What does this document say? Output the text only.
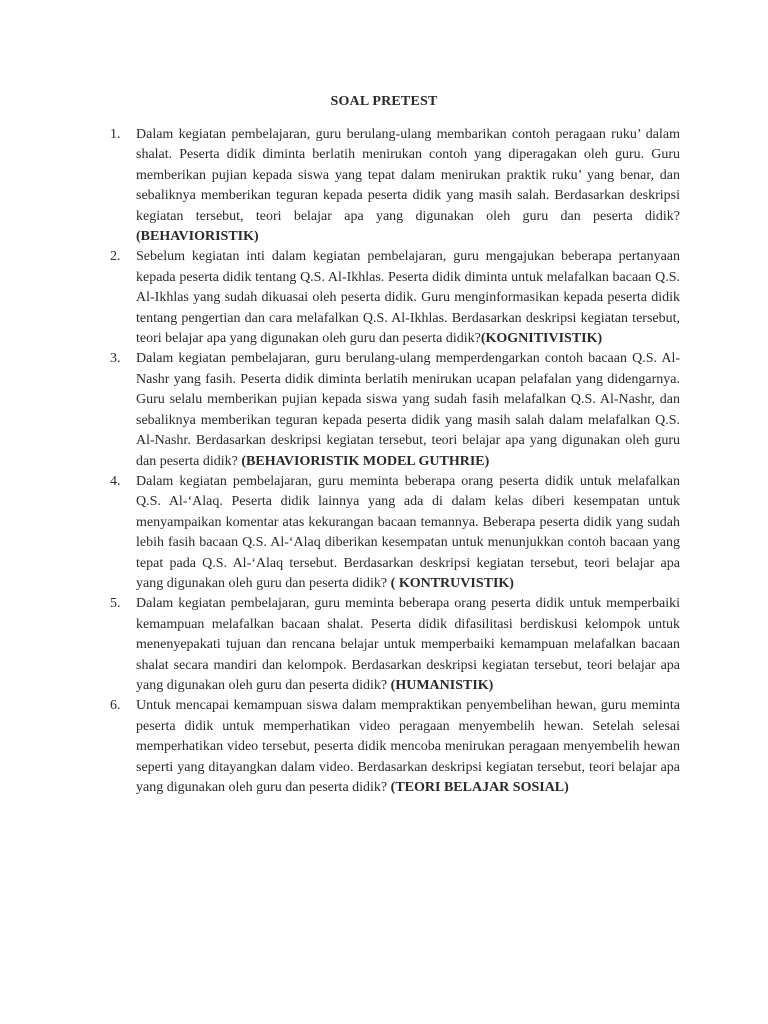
SOAL PRETEST
1. Dalam kegiatan pembelajaran, guru berulang-ulang membarikan contoh peragaan ruku’ dalam shalat. Peserta didik diminta berlatih menirukan contoh yang diperagakan oleh guru. Guru memberikan pujian kepada siswa yang tepat dalam menirukan praktik ruku’ yang benar, dan sebaliknya memberikan teguran kepada peserta didik yang masih salah. Berdasarkan deskripsi kegiatan tersebut, teori belajar apa yang digunakan oleh guru dan peserta didik? (BEHAVIORISTIK)
2. Sebelum kegiatan inti dalam kegiatan pembelajaran, guru mengajukan beberapa pertanyaan kepada peserta didik tentang Q.S. Al-Ikhlas. Peserta didik diminta untuk melafalkan bacaan Q.S. Al-Ikhlas yang sudah dikuasai oleh peserta didik. Guru menginformasikan kepada peserta didik tentang pengertian dan cara melafalkan Q.S. Al-Ikhlas. Berdasarkan deskripsi kegiatan tersebut, teori belajar apa yang digunakan oleh guru dan peserta didik?(KOGNITIVISTIK)
3. Dalam kegiatan pembelajaran, guru berulang-ulang memperdengarkan contoh bacaan Q.S. Al-Nashr yang fasih. Peserta didik diminta berlatih menirukan ucapan pelafalan yang didengarnya. Guru selalu memberikan pujian kepada siswa yang sudah fasih melafalkan Q.S. Al-Nashr, dan sebaliknya memberikan teguran kepada peserta didik yang masih salah dalam melafalkan Q.S. Al-Nashr. Berdasarkan deskripsi kegiatan tersebut, teori belajar apa yang digunakan oleh guru dan peserta didik? (BEHAVIORISTIK MODEL GUTHRIE)
4. Dalam kegiatan pembelajaran, guru meminta beberapa orang peserta didik untuk melafalkan Q.S. Al-‘Alaq. Peserta didik lainnya yang ada di dalam kelas diberi kesempatan untuk menyampaikan komentar atas kekurangan bacaan temannya. Beberapa peserta didik yang sudah lebih fasih bacaan Q.S. Al-‘Alaq diberikan kesempatan untuk menunjukkan contoh bacaan yang tepat pada Q.S. Al-‘Alaq tersebut. Berdasarkan deskripsi kegiatan tersebut, teori belajar apa yang digunakan oleh guru dan peserta didik? ( KONTRUVISTIK)
5. Dalam kegiatan pembelajaran, guru meminta beberapa orang peserta didik untuk memperbaiki kemampuan melafalkan bacaan shalat. Peserta didik difasilitasi berdiskusi kelompok untuk menenyepakati tujuan dan rencana belajar untuk memperbaiki kemampuan melafalkan bacaan shalat secara mandiri dan kelompok. Berdasarkan deskripsi kegiatan tersebut, teori belajar apa yang digunakan oleh guru dan peserta didik? (HUMANISTIK)
6. Untuk mencapai kemampuan siswa dalam mempraktikan penyembelihan hewan, guru meminta peserta didik untuk memperhatikan video peragaan menyembelih hewan. Setelah selesai memperhatikan video tersebut, peserta didik mencoba menirukan peragaan menyembelih hewan seperti yang ditayangkan dalam video. Berdasarkan deskripsi kegiatan tersebut, teori belajar apa yang digunakan oleh guru dan peserta didik? (TEORI BELAJAR SOSIAL)
